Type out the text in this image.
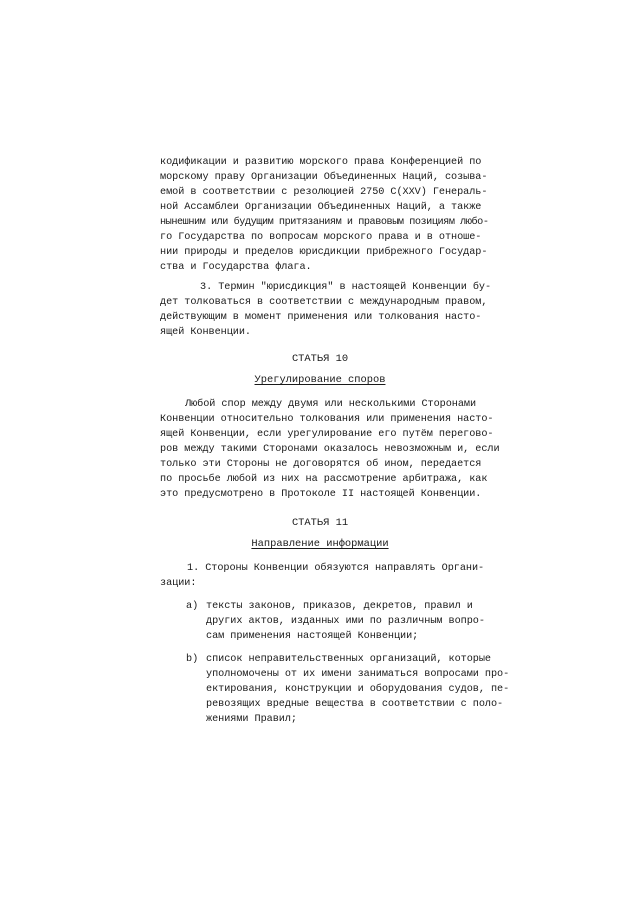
кодификации и развитию морского права Конференцией по
морскому праву Организации Объединенных Наций, созыва-
емой в соответствии с резолюцией 2750 C(XXV) Генераль-
ной Ассамблеи Организации Объединенных Наций, а также
нынешним или будущим притязаниям и правовым позициям любо-
го Государства по вопросам морского права и в отноше-
нии природы и пределов юрисдикции прибрежного Государ-
ства и Государства флага.
3. Термин "юрисдикция" в настоящей Конвенции бу-
дет толковаться в соответствии с международным правом,
действующим в момент применения или толкования насто-
ящей Конвенции.
СТАТЬЯ 10
Урегулирование споров
Любой спор между двумя или несколькими Сторонами
Конвенции относительно толкования или применения насто-
ящей Конвенции, если урегулирование его путём перегово-
ров между такими Сторонами оказалось невозможным и, если
только эти Стороны не договорятся об ином, передается
по просьбе любой из них на рассмотрение арбитража, как
это предусмотрено в Протоколе II настоящей Конвенции.
СТАТЬЯ 11
Направление информации
1. Стороны Конвенции обязуются направлять Органи-
зации:
a) тексты законов, приказов, декретов, правил и
других актов, изданных ими по различным вопро-
сам применения настоящей Конвенции;
b) список неправительственных организаций, которые
уполномочены от их имени заниматься вопросами про-
ектирования, конструкции и оборудования судов, пе-
ревозящих вредные вещества в соответствии с поло-
жениями Правил;
